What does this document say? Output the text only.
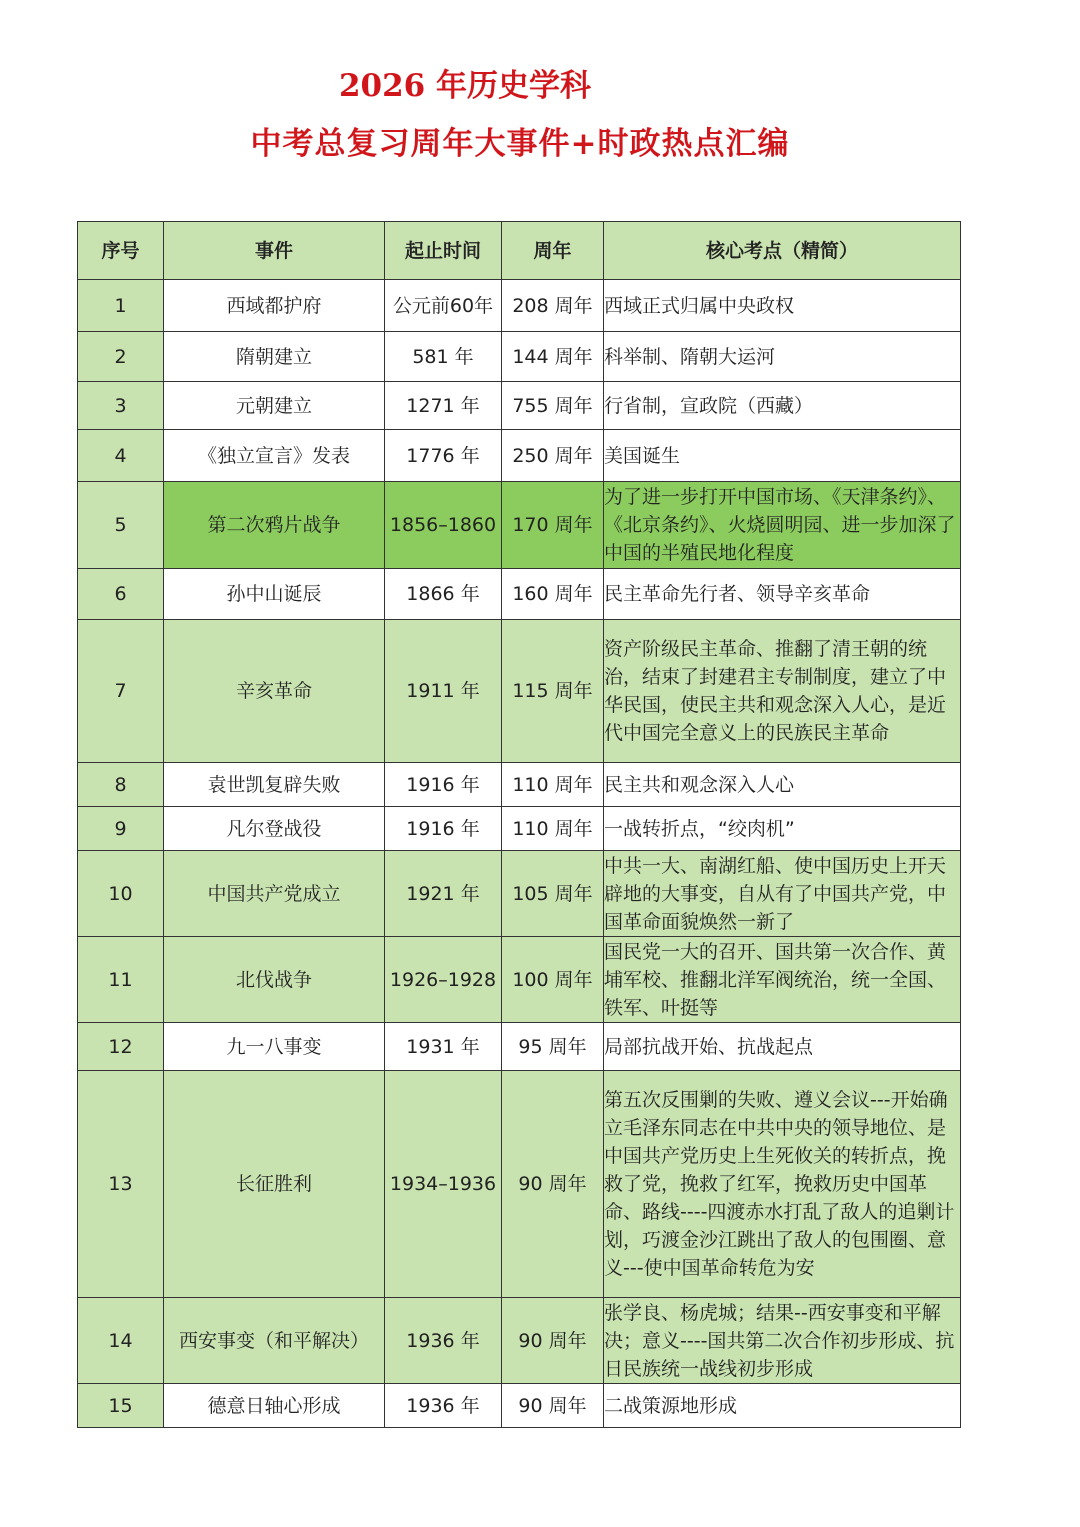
2026 年历史学科
中考总复习周年大事件+时政热点汇编
序号	事件	起止时间	周年	核心考点（精简）
1	西域都护府	公元前60年	208 周年	西域正式归属中央政权
2	隋朝建立	581 年	144 周年	科举制、隋朝大运河
3	元朝建立	1271 年	755 周年	行省制，宣政院（西藏）
4	《独立宣言》发表	1776 年	250 周年	美国诞生
5	第二次鸦片战争	1856–1860	170 周年	为了进一步打开中国市场、《天津条约》、《北京条约》、火烧圆明园、进一步加深了中国的半殖民地化程度
6	孙中山诞辰	1866 年	160 周年	民主革命先行者、领导辛亥革命
7	辛亥革命	1911 年	115 周年	资产阶级民主革命、推翻了清王朝的统治，结束了封建君主专制制度，建立了中华民国，使民主共和观念深入人心，是近代中国完全意义上的民族民主革命
8	袁世凯复辟失败	1916 年	110 周年	民主共和观念深入人心
9	凡尔登战役	1916 年	110 周年	一战转折点，“绞肉机”
10	中国共产党成立	1921 年	105 周年	中共一大、南湖红船、使中国历史上开天辟地的大事变，自从有了中国共产党，中国革命面貌焕然一新了
11	北伐战争	1926–1928	100 周年	国民党一大的召开、国共第一次合作、黄埔军校、推翻北洋军阀统治，统一全国、铁军、叶挺等
12	九一八事变	1931 年	95 周年	局部抗战开始、抗战起点
13	长征胜利	1934–1936	90 周年	第五次反围剿的失败、遵义会议---开始确立毛泽东同志在中共中央的领导地位、是中国共产党历史上生死攸关的转折点，挽救了党，挽救了红军，挽救历史中国革命、路线----四渡赤水打乱了敌人的追剿计划，巧渡金沙江跳出了敌人的包围圈、意义---使中国革命转危为安
14	西安事变（和平解决）	1936 年	90 周年	张学良、杨虎城；结果--西安事变和平解决；意义----国共第二次合作初步形成、抗日民族统一战线初步形成
15	德意日轴心形成	1936 年	90 周年	二战策源地形成
